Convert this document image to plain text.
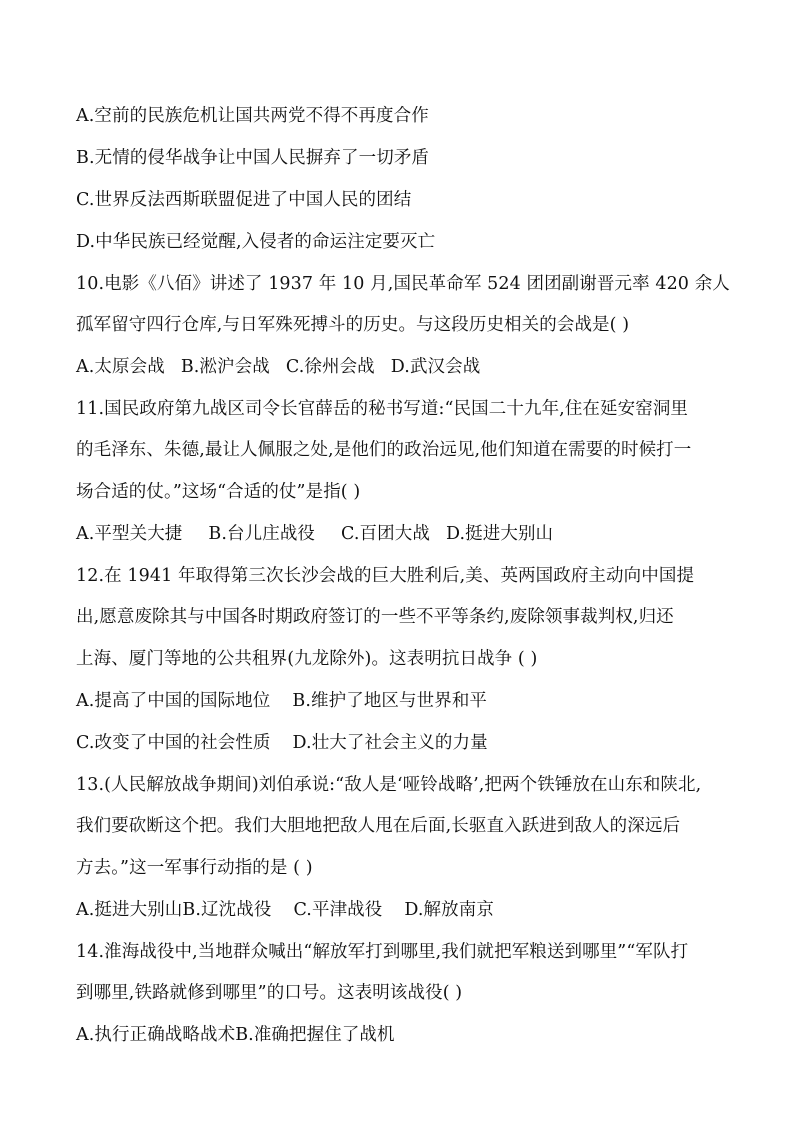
A.空前的民族危机让国共两党不得不再度合作
B.无情的侵华战争让中国人民摒弃了一切矛盾
C.世界反法西斯联盟促进了中国人民的团结
D.中华民族已经觉醒,入侵者的命运注定要灭亡
10.电影《八佰》讲述了 1937 年 10 月,国民革命军 524 团团副谢晋元率 420 余人
孤军留守四行仓库,与日军殊死搏斗的历史。与这段历史相关的会战是( )
A.太原会战 B.淞沪会战 C.徐州会战 D.武汉会战
11.国民政府第九战区司令长官薛岳的秘书写道:“民国二十九年,住在延安窑洞里
的毛泽东、朱德,最让人佩服之处,是他们的政治远见,他们知道在需要的时候打一
场合适的仗。”这场“合适的仗”是指( )
A.平型关大捷 B.台儿庄战役 C.百团大战 D.挺进大别山
12.在 1941 年取得第三次长沙会战的巨大胜利后,美、英两国政府主动向中国提
出,愿意废除其与中国各时期政府签订的一些不平等条约,废除领事裁判权,归还
上海、厦门等地的公共租界(九龙除外)。这表明抗日战争 ( )
A.提高了中国的国际地位 B.维护了地区与世界和平
C.改变了中国的社会性质 D.壮大了社会主义的力量
13.(人民解放战争期间)刘伯承说:“敌人是‘哑铃战略’,把两个铁锤放在山东和陕北,
我们要砍断这个把。我们大胆地把敌人甩在后面,长驱直入跃进到敌人的深远后
方去。”这一军事行动指的是 ( )
A.挺进大别山B.辽沈战役 C.平津战役 D.解放南京
14.淮海战役中,当地群众喊出“解放军打到哪里,我们就把军粮送到哪里”“军队打
到哪里,铁路就修到哪里”的口号。这表明该战役( )
A.执行正确战略战术B.准确把握住了战机
